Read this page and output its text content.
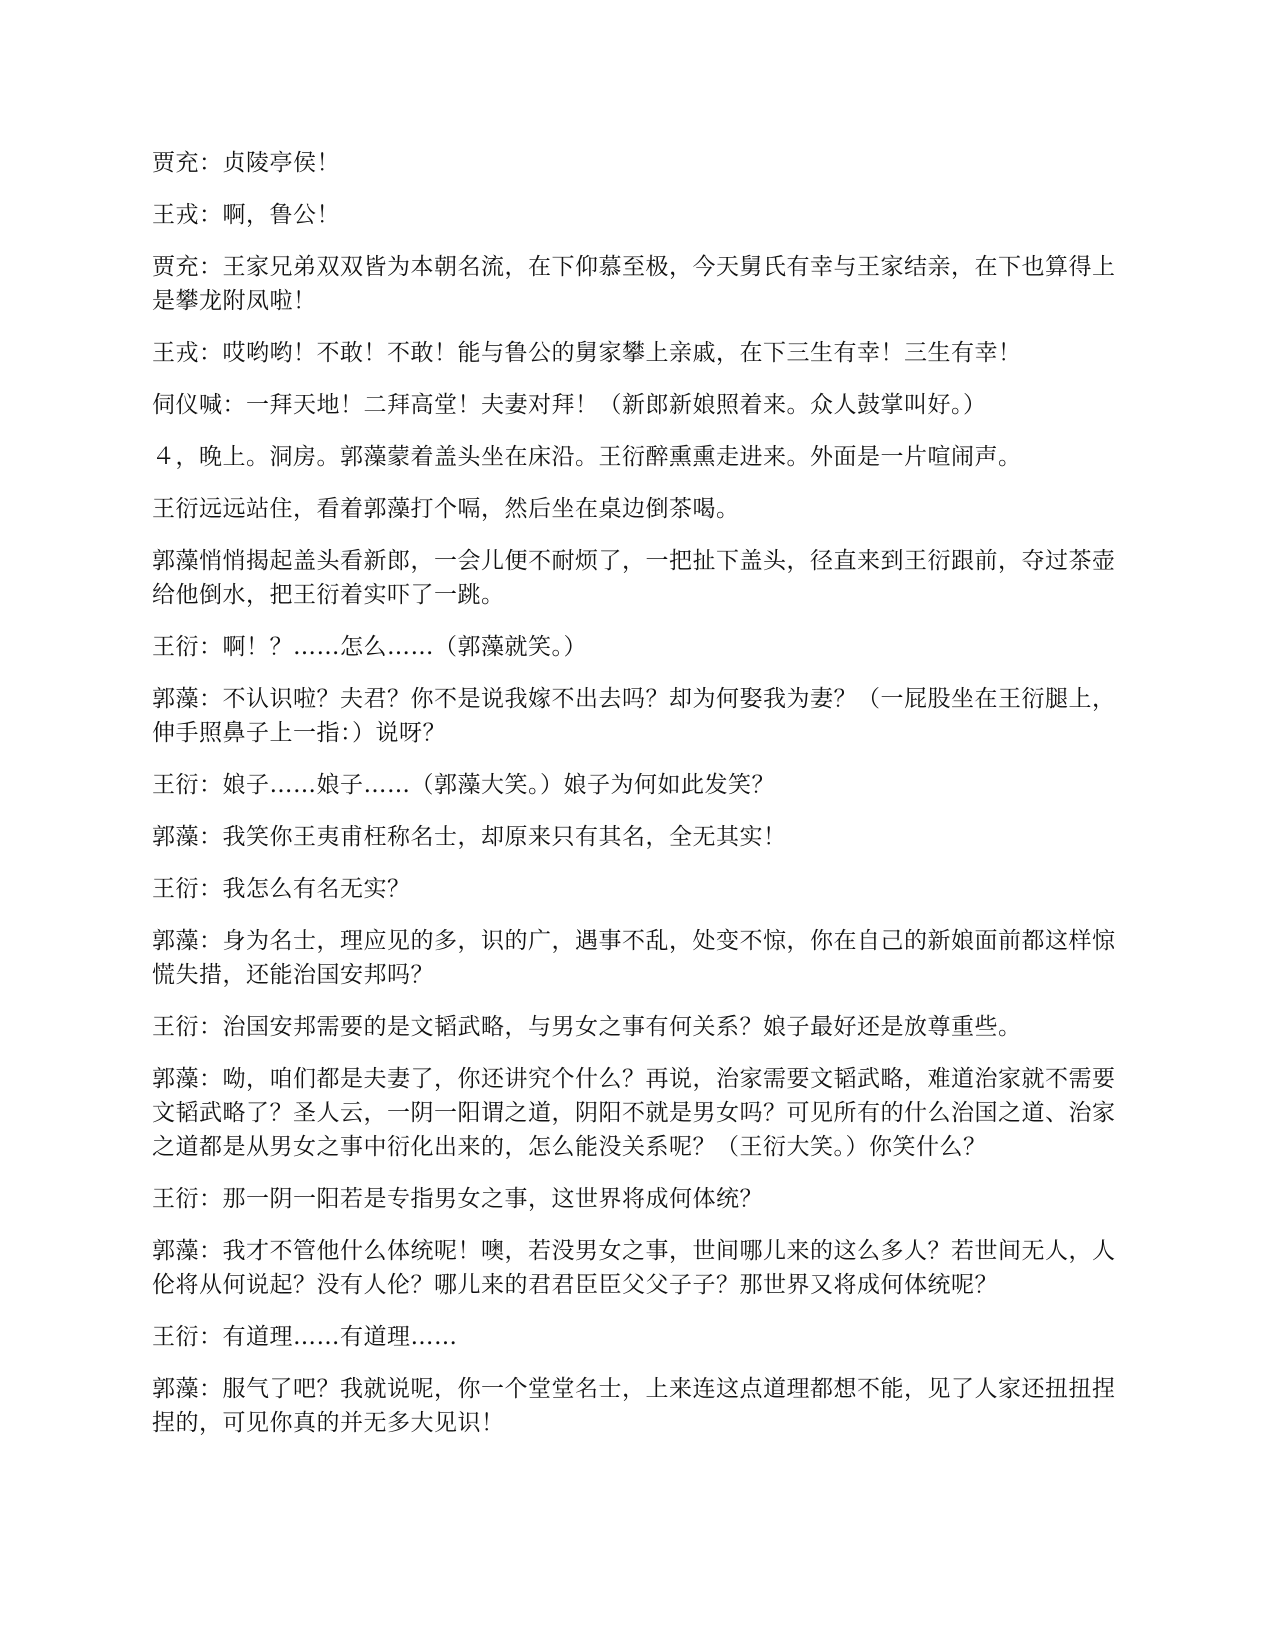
贾充：贞陵亭侯！

王戎：啊，鲁公！

贾充：王家兄弟双双皆为本朝名流，在下仰慕至极，今天舅氏有幸与王家结亲，在下也算得上是攀龙附凤啦！

王戎：哎哟哟！不敢！不敢！能与鲁公的舅家攀上亲戚，在下三生有幸！三生有幸！

伺仪喊：一拜天地！二拜高堂！夫妻对拜！（新郎新娘照着来。众人鼓掌叫好。）

４，晚上。洞房。郭藻蒙着盖头坐在床沿。王衍醉熏熏走进来。外面是一片喧闹声。

王衍远远站住，看着郭藻打个嗝，然后坐在桌边倒茶喝。

郭藻悄悄揭起盖头看新郎，一会儿便不耐烦了，一把扯下盖头，径直来到王衍跟前，夺过茶壶给他倒水，把王衍着实吓了一跳。

王衍：啊！？……怎么……（郭藻就笑。）

郭藻：不认识啦？夫君？你不是说我嫁不出去吗？却为何娶我为妻？（一屁股坐在王衍腿上，伸手照鼻子上一指：）说呀？

王衍：娘子……娘子……（郭藻大笑。）娘子为何如此发笑？

郭藻：我笑你王夷甫枉称名士，却原来只有其名，全无其实！

王衍：我怎么有名无实？

郭藻：身为名士，理应见的多，识的广，遇事不乱，处变不惊，你在自己的新娘面前都这样惊慌失措，还能治国安邦吗？

王衍：治国安邦需要的是文韬武略，与男女之事有何关系？娘子最好还是放尊重些。

郭藻：呦，咱们都是夫妻了，你还讲究个什么？再说，治家需要文韬武略，难道治家就不需要文韬武略了？圣人云，一阴一阳谓之道，阴阳不就是男女吗？可见所有的什么治国之道、治家之道都是从男女之事中衍化出来的，怎么能没关系呢？（王衍大笑。）你笑什么？

王衍：那一阴一阳若是专指男女之事，这世界将成何体统？

郭藻：我才不管他什么体统呢！噢，若没男女之事，世间哪儿来的这么多人？若世间无人，人伦将从何说起？没有人伦？哪儿来的君君臣臣父父子子？那世界又将成何体统呢？

王衍：有道理……有道理……

郭藻：服气了吧？我就说呢，你一个堂堂名士，上来连这点道理都想不能，见了人家还扭扭捏捏的，可见你真的并无多大见识！
